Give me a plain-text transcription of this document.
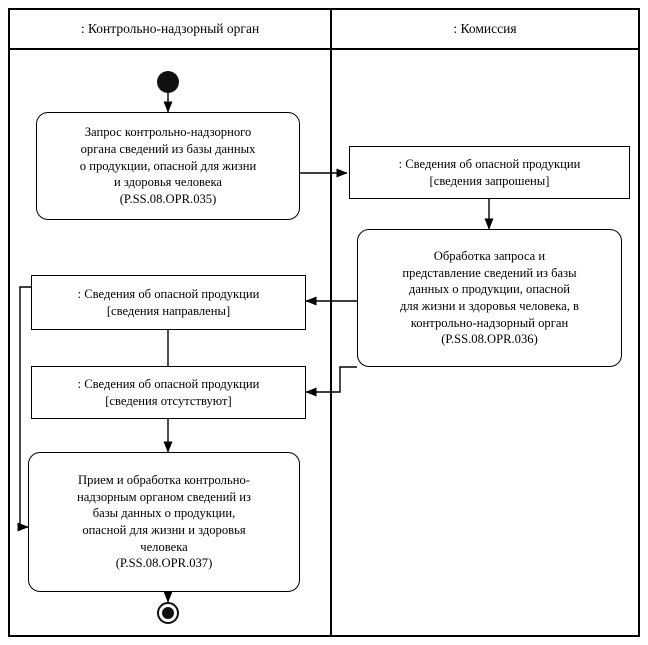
: Контрольно-надзорный орган	: Комиссия
Запрос контрольно-надзорного
органа сведений из базы данных
о продукции, опасной для жизни
и здоровья человека
(P.SS.08.OPR.035)
: Сведения об опасной продукции
[сведения запрошены]
Обработка запроса и
представление сведений из базы
данных о продукции, опасной
для жизни и здоровья человека, в
контрольно-надзорный орган
(P.SS.08.OPR.036)
: Сведения об опасной продукции
[сведения направлены]
: Сведения об опасной продукции
[сведения отсутствуют]
Прием и обработка контрольно-
надзорным органом сведений из
базы данных о продукции,
опасной для жизни и здоровья
человека
(P.SS.08.OPR.037)
